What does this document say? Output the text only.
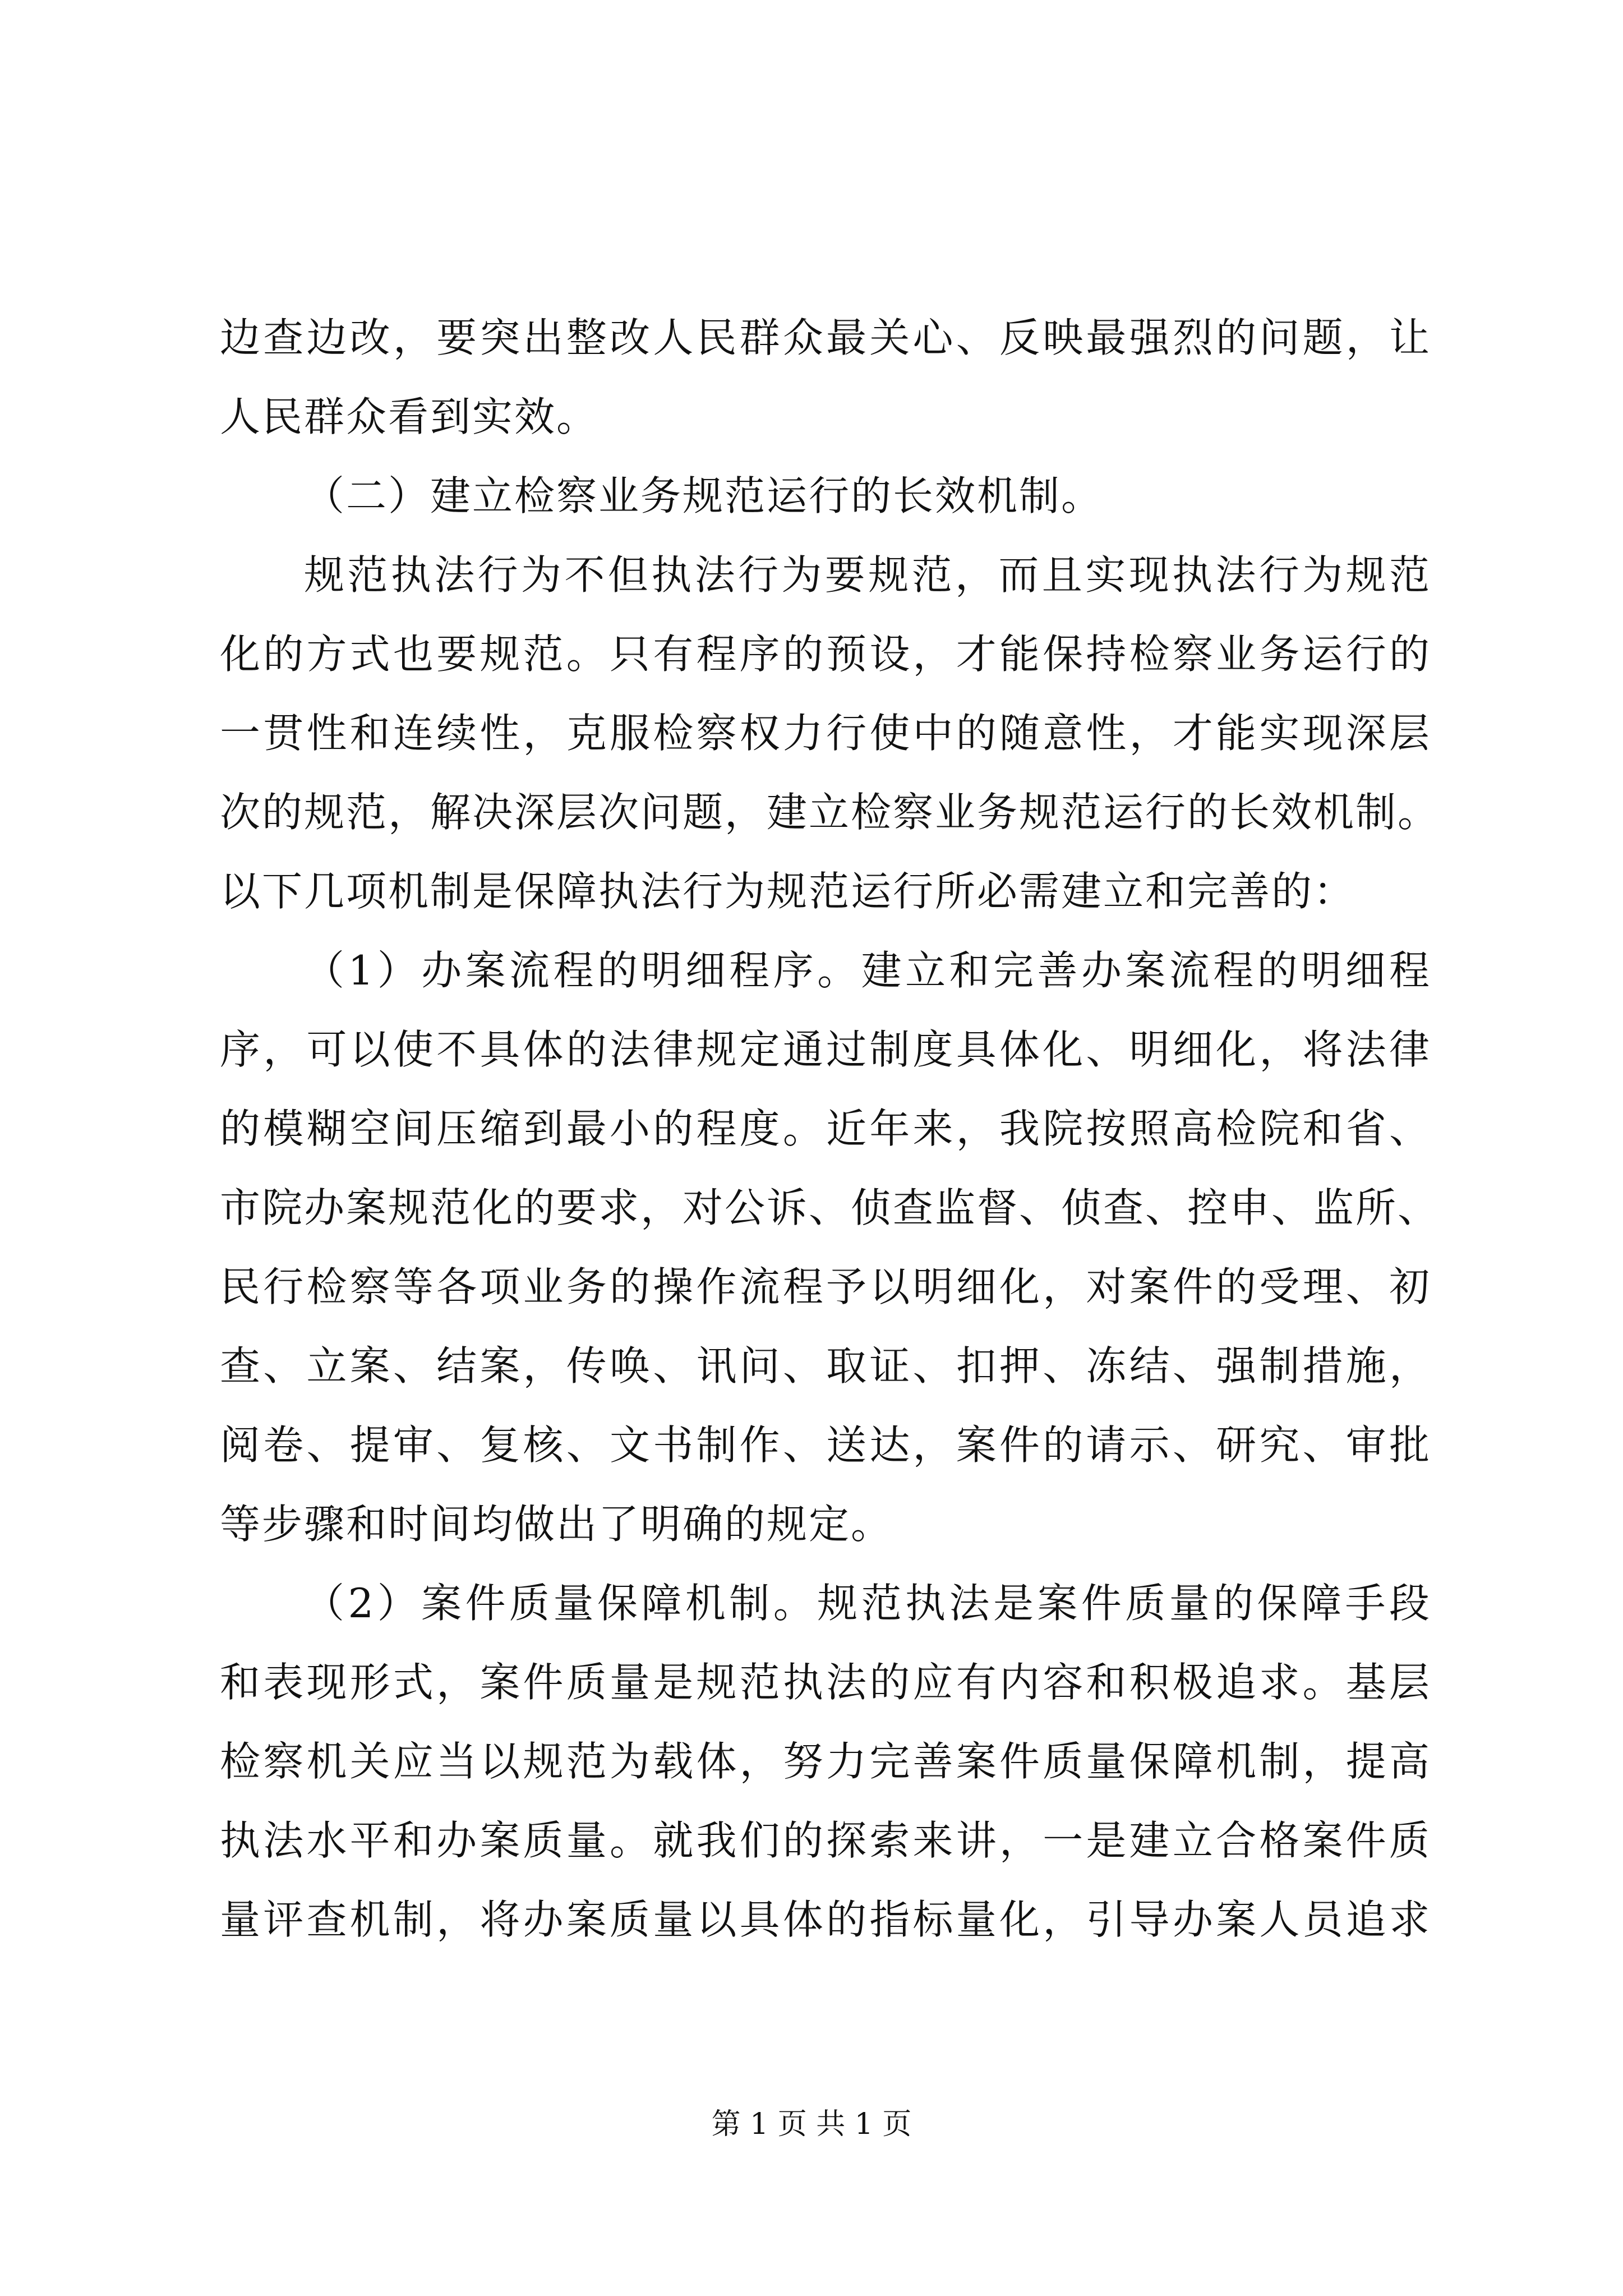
边查边改，要突出整改人民群众最关心、反映最强烈的问题，让
人民群众看到实效。
（二）建立检察业务规范运行的长效机制。
规范执法行为不但执法行为要规范，而且实现执法行为规范
化的方式也要规范。只有程序的预设，才能保持检察业务运行的
一贯性和连续性，克服检察权力行使中的随意性，才能实现深层
次的规范，解决深层次问题，建立检察业务规范运行的长效机制。
以下几项机制是保障执法行为规范运行所必需建立和完善的：
（1）办案流程的明细程序。建立和完善办案流程的明细程
序，可以使不具体的法律规定通过制度具体化、明细化，将法律
的模糊空间压缩到最小的程度。近年来，我院按照高检院和省、
市院办案规范化的要求，对公诉、侦查监督、侦查、控申、监所、
民行检察等各项业务的操作流程予以明细化，对案件的受理、初
查、立案、结案，传唤、讯问、取证、扣押、冻结、强制措施，
阅卷、提审、复核、文书制作、送达，案件的请示、研究、审批
等步骤和时间均做出了明确的规定。
（2）案件质量保障机制。规范执法是案件质量的保障手段
和表现形式，案件质量是规范执法的应有内容和积极追求。基层
检察机关应当以规范为载体，努力完善案件质量保障机制，提高
执法水平和办案质量。就我们的探索来讲，一是建立合格案件质
量评查机制，将办案质量以具体的指标量化，引导办案人员追求
第 1 页 共 1 页
